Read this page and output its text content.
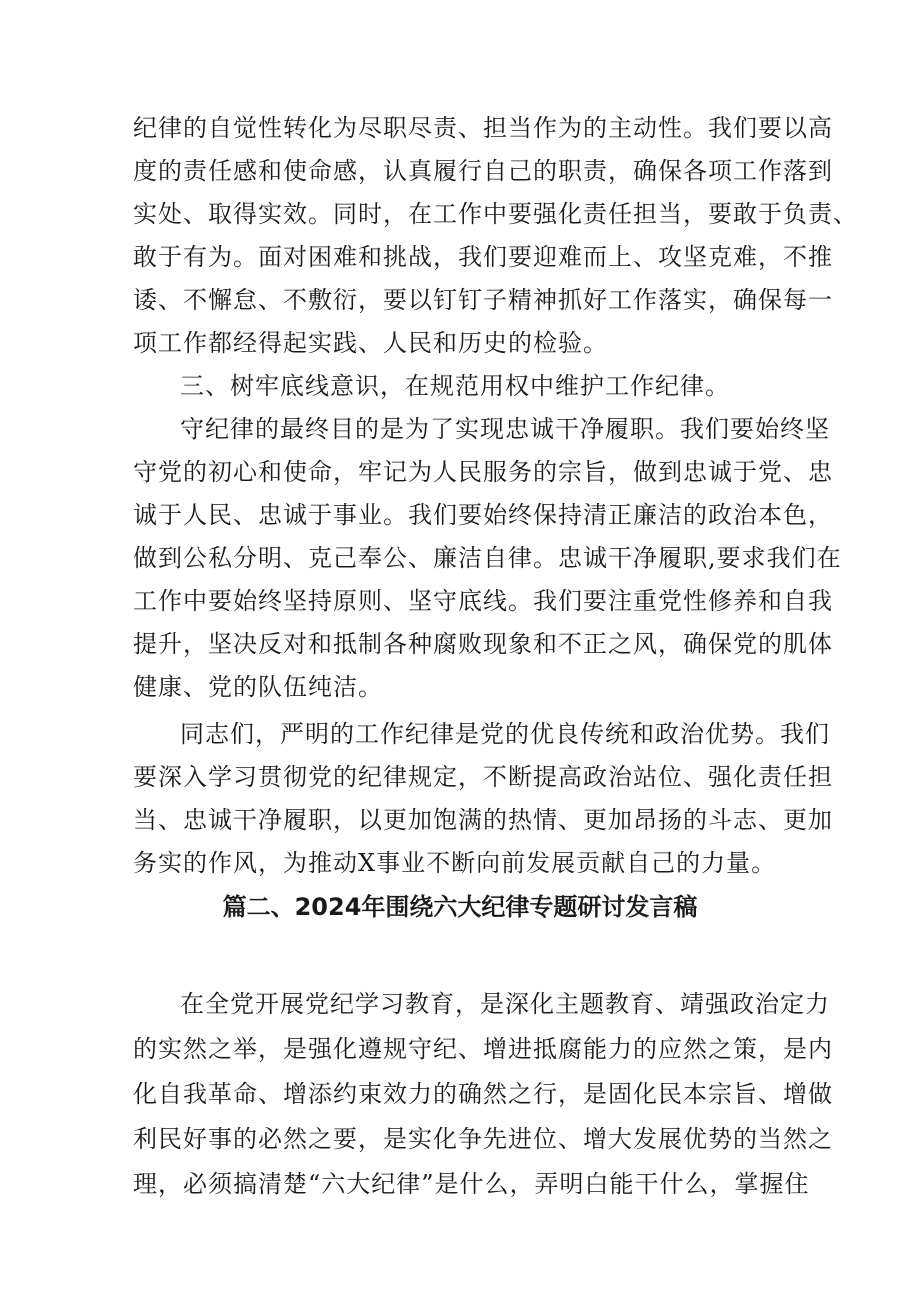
纪律的自觉性转化为尽职尽责、担当作为的主动性。我们要以高
度的责任感和使命感，认真履行自己的职责，确保各项工作落到
实处、取得实效。同时，在工作中要强化责任担当，要敢于负责、
敢于有为。面对困难和挑战，我们要迎难而上、攻坚克难，不推
诿、不懈怠、不敷衍，要以钉钉子精神抓好工作落实，确保每一
项工作都经得起实践、人民和历史的检验。
三、树牢底线意识，在规范用权中维护工作纪律。
守纪律的最终目的是为了实现忠诚干净履职。我们要始终坚
守党的初心和使命，牢记为人民服务的宗旨，做到忠诚于党、忠
诚于人民、忠诚于事业。我们要始终保持清正廉洁的政治本色，
做到公私分明、克己奉公、廉洁自律。忠诚干净履职,要求我们在
工作中要始终坚持原则、坚守底线。我们要注重党性修养和自我
提升，坚决反对和抵制各种腐败现象和不正之风，确保党的肌体
健康、党的队伍纯洁。
同志们，严明的工作纪律是党的优良传统和政治优势。我们
要深入学习贯彻党的纪律规定，不断提高政治站位、强化责任担
当、忠诚干净履职，以更加饱满的热情、更加昂扬的斗志、更加
务实的作风，为推动X事业不断向前发展贡献自己的力量。
篇二、2024年围绕六大纪律专题研讨发言稿
在全党开展党纪学习教育，是深化主题教育、靖强政治定力
的实然之举，是强化遵规守纪、增进抵腐能力的应然之策，是内
化自我革命、增添约束效力的确然之行，是固化民本宗旨、增做
利民好事的必然之要，是实化争先进位、增大发展优势的当然之
理，必须搞清楚“六大纪律”是什么，弄明白能干什么，掌握住
